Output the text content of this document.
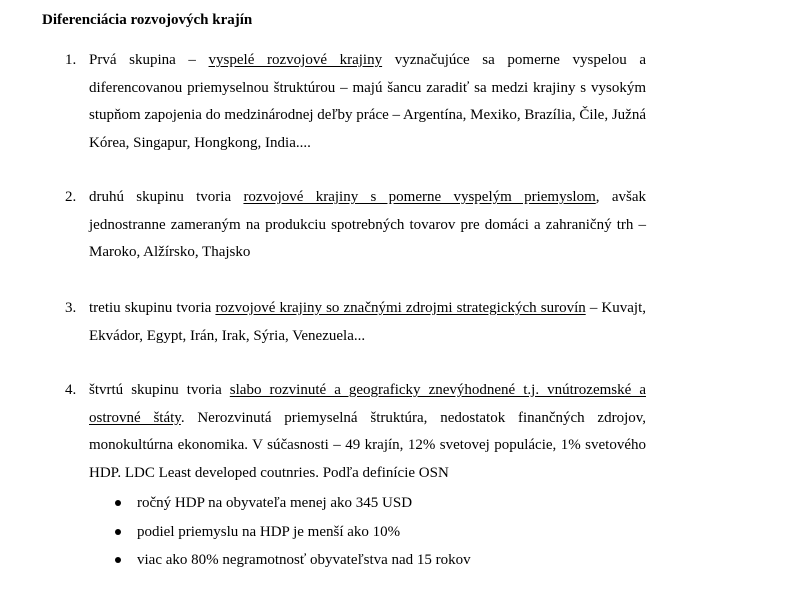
Diferenciácia rozvojových krajín
1. Prvá skupina – vyspelé rozvojové krajiny vyznačujúce sa pomerne vyspelou a diferencovanou priemyselnou štruktúrou – majú šancu zaradiť sa medzi krajiny s vysokým stupňom zapojenia do medzinárodnej deľby práce – Argentína, Mexiko, Brazília, Čile, Južná Kórea, Singapur, Hongkong, India....
2. druhú skupinu tvoria rozvojové krajiny s pomerne vyspelým priemyslom, avšak jednostranne zameraným na produkciu spotrebných tovarov pre domáci a zahraničný trh – Maroko, Alžírsko, Thajsko
3. tretiu skupinu tvoria rozvojové krajiny so značnými zdrojmi strategických surovín – Kuvajt, Ekvádor, Egypt, Irán, Irak, Sýria, Venezuela...
4. štvrtú skupinu tvoria slabo rozvinuté a geograficky znevýhodnené t.j. vnútrozemské a ostrovné štáty. Nerozvinutá priemyselná štruktúra, nedostatok finančných zdrojov, monokultúrna ekonomika. V súčasnosti – 49 krajín, 12% svetovej populácie, 1% svetového HDP. LDC Least developed coutnries. Podľa definície OSN
ročný HDP na obyvateľa menej ako 345 USD
podiel priemyslu na HDP je menší ako 10%
viac ako 80% negramotnosť obyvateľstva nad 15 rokov
